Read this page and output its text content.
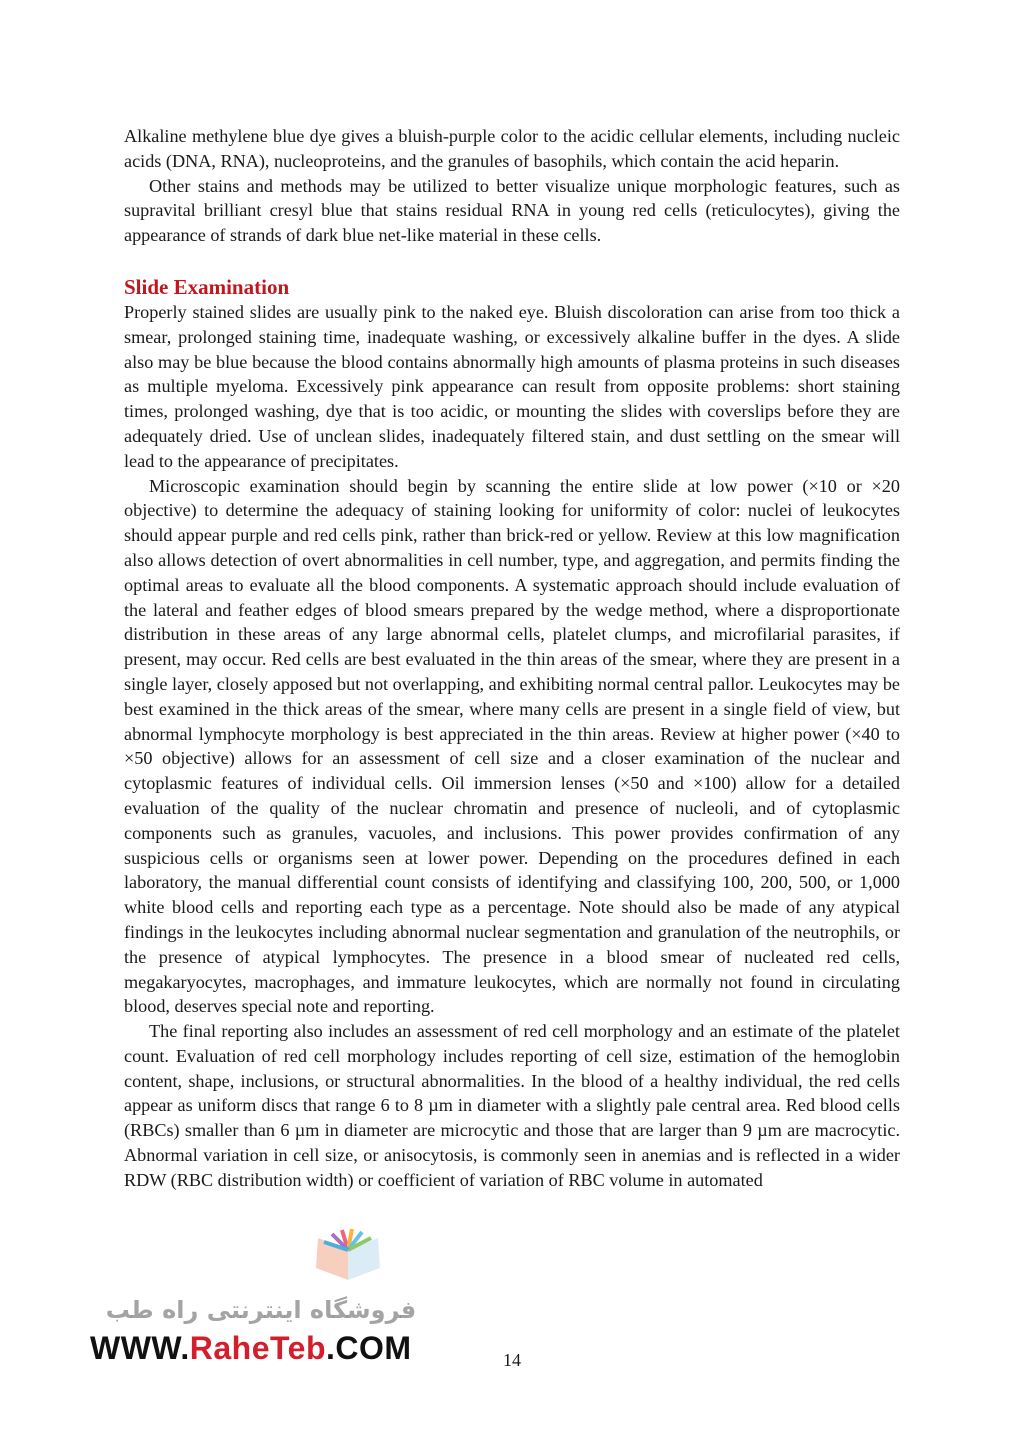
Alkaline methylene blue dye gives a bluish-purple color to the acidic cellular elements, including nucleic acids (DNA, RNA), nucleoproteins, and the granules of basophils, which contain the acid heparin.

Other stains and methods may be utilized to better visualize unique morphologic features, such as supravital brilliant cresyl blue that stains residual RNA in young red cells (reticulocytes), giving the appearance of strands of dark blue net-like material in these cells.

Slide Examination

Properly stained slides are usually pink to the naked eye. Bluish discoloration can arise from too thick a smear, prolonged staining time, inadequate washing, or excessively alkaline buffer in the dyes. A slide also may be blue because the blood contains abnormally high amounts of plasma proteins in such diseases as multiple myeloma. Excessively pink appearance can result from opposite problems: short staining times, prolonged washing, dye that is too acidic, or mounting the slides with coverslips before they are adequately dried. Use of unclean slides, inadequately filtered stain, and dust settling on the smear will lead to the appearance of precipitates.

Microscopic examination should begin by scanning the entire slide at low power (×10 or ×20 objective) to determine the adequacy of staining looking for uniformity of color: nuclei of leukocytes should appear purple and red cells pink, rather than brick-red or yellow. Review at this low magnification also allows detection of overt abnormalities in cell number, type, and aggregation, and permits finding the optimal areas to evaluate all the blood components. A systematic approach should include evaluation of the lateral and feather edges of blood smears prepared by the wedge method, where a disproportionate distribution in these areas of any large abnormal cells, platelet clumps, and microfilarial parasites, if present, may occur. Red cells are best evaluated in the thin areas of the smear, where they are present in a single layer, closely apposed but not overlapping, and exhibiting normal central pallor. Leukocytes may be best examined in the thick areas of the smear, where many cells are present in a single field of view, but abnormal lymphocyte morphology is best appreciated in the thin areas. Review at higher power (×40 to ×50 objective) allows for an assessment of cell size and a closer examination of the nuclear and cytoplasmic features of individual cells. Oil immersion lenses (×50 and ×100) allow for a detailed evaluation of the quality of the nuclear chromatin and presence of nucleoli, and of cytoplasmic components such as granules, vacuoles, and inclusions. This power provides confirmation of any suspicious cells or organisms seen at lower power. Depending on the procedures defined in each laboratory, the manual differential count consists of identifying and classifying 100, 200, 500, or 1,000 white blood cells and reporting each type as a percentage. Note should also be made of any atypical findings in the leukocytes including abnormal nuclear segmentation and granulation of the neutrophils, or the presence of atypical lymphocytes. The presence in a blood smear of nucleated red cells, megakaryocytes, macrophages, and immature leukocytes, which are normally not found in circulating blood, deserves special note and reporting.

The final reporting also includes an assessment of red cell morphology and an estimate of the platelet count. Evaluation of red cell morphology includes reporting of cell size, estimation of the hemoglobin content, shape, inclusions, or structural abnormalities. In the blood of a healthy individual, the red cells appear as uniform discs that range 6 to 8 µm in diameter with a slightly pale central area. Red blood cells (RBCs) smaller than 6 µm in diameter are microcytic and those that are larger than 9 µm are macrocytic. Abnormal variation in cell size, or anisocytosis, is commonly seen in anemias and is reflected in a wider RDW (RBC distribution width) or coefficient of variation of RBC volume in automated

فروشگاه اینترنتی راه طب
WWW.RaheTeb.COM	14
